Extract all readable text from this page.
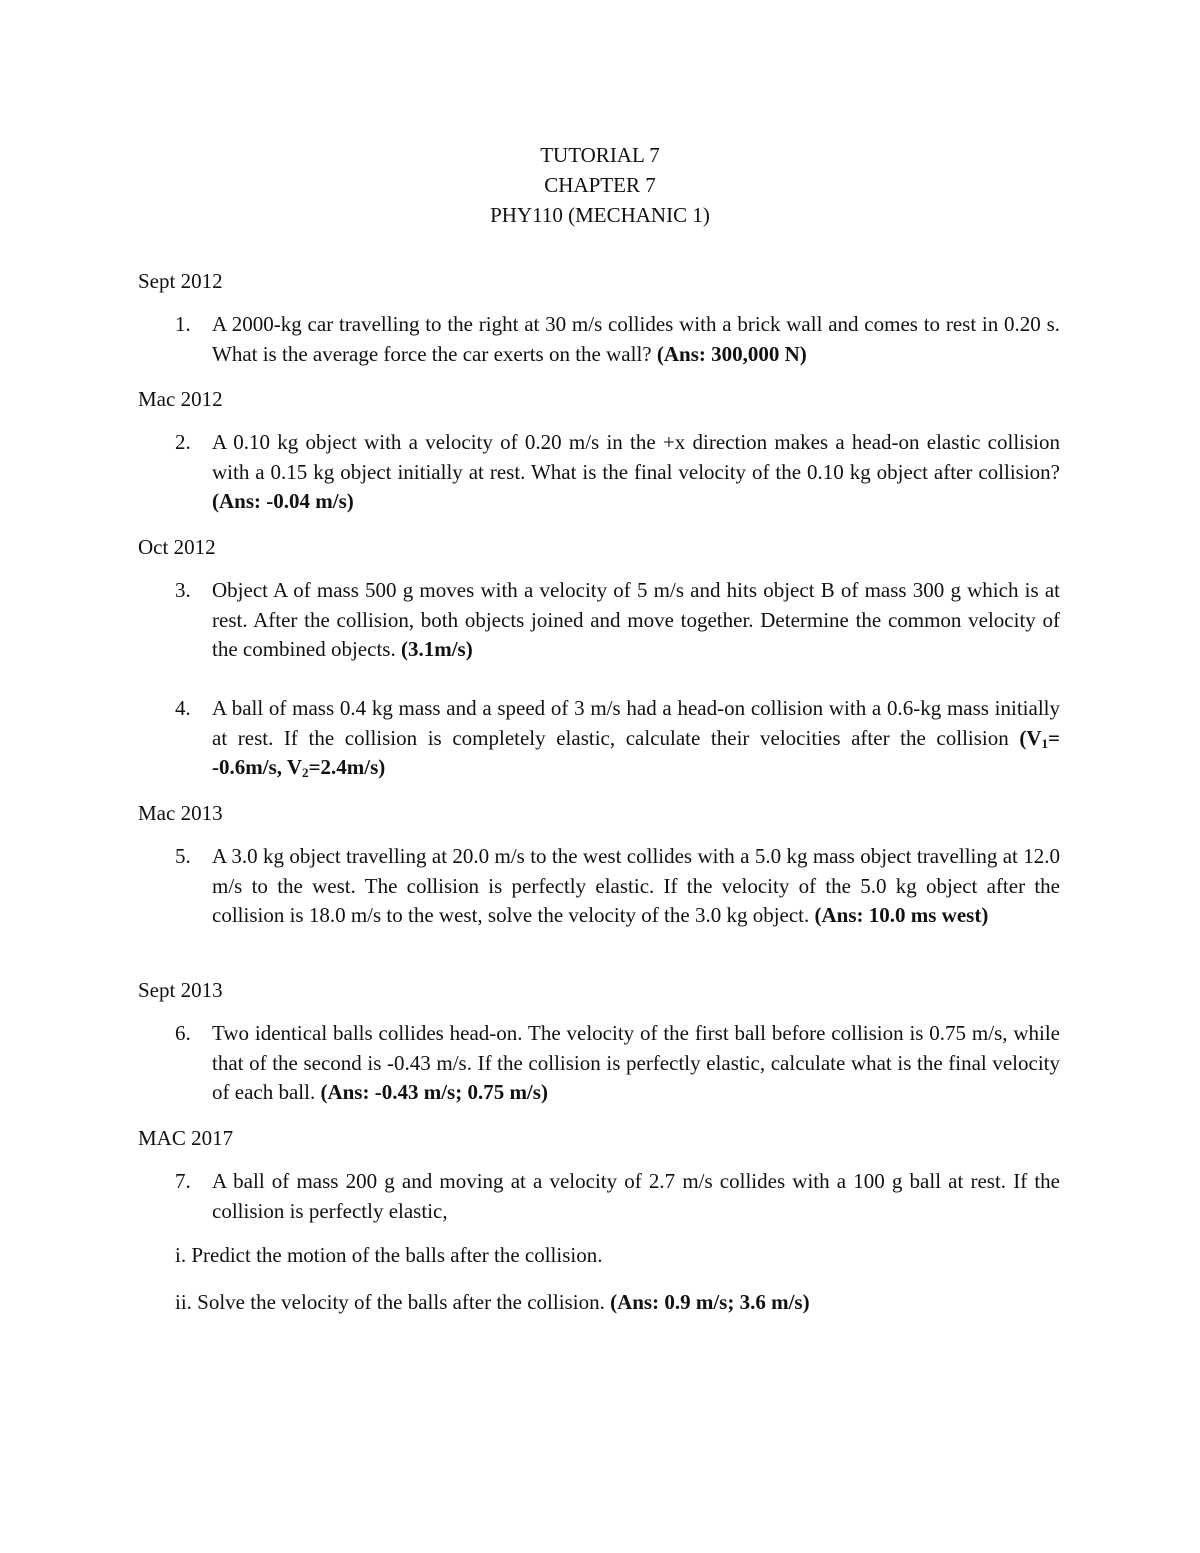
TUTORIAL 7
CHAPTER 7
PHY110 (MECHANIC 1)
Sept 2012
1. A 2000-kg car travelling to the right at 30 m/s collides with a brick wall and comes to rest in 0.20 s. What is the average force the car exerts on the wall? (Ans: 300,000 N)
Mac 2012
2. A 0.10 kg object with a velocity of 0.20 m/s in the +x direction makes a head-on elastic collision with a 0.15 kg object initially at rest. What is the final velocity of the 0.10 kg object after collision? (Ans: -0.04 m/s)
Oct 2012
3. Object A of mass 500 g moves with a velocity of 5 m/s and hits object B of mass 300 g which is at rest. After the collision, both objects joined and move together. Determine the common velocity of the combined objects. (3.1m/s)
4. A ball of mass 0.4 kg mass and a speed of 3 m/s had a head-on collision with a 0.6-kg mass initially at rest. If the collision is completely elastic, calculate their velocities after the collision ($V_1= -0.6m/s$, $V_2=2.4m/s$)
Mac 2013
5. A 3.0 kg object travelling at 20.0 m/s to the west collides with a 5.0 kg mass object travelling at 12.0 m/s to the west. The collision is perfectly elastic. If the velocity of the 5.0 kg object after the collision is 18.0 m/s to the west, solve the velocity of the 3.0 kg object. (Ans: 10.0 ms west)
Sept 2013
6. Two identical balls collides head-on. The velocity of the first ball before collision is 0.75 m/s, while that of the second is -0.43 m/s. If the collision is perfectly elastic, calculate what is the final velocity of each ball. (Ans: -0.43 m/s; 0.75 m/s)
MAC 2017
7. A ball of mass 200 g and moving at a velocity of 2.7 m/s collides with a 100 g ball at rest. If the collision is perfectly elastic,
i. Predict the motion of the balls after the collision.
ii. Solve the velocity of the balls after the collision. (Ans: 0.9 m/s; 3.6 m/s)
